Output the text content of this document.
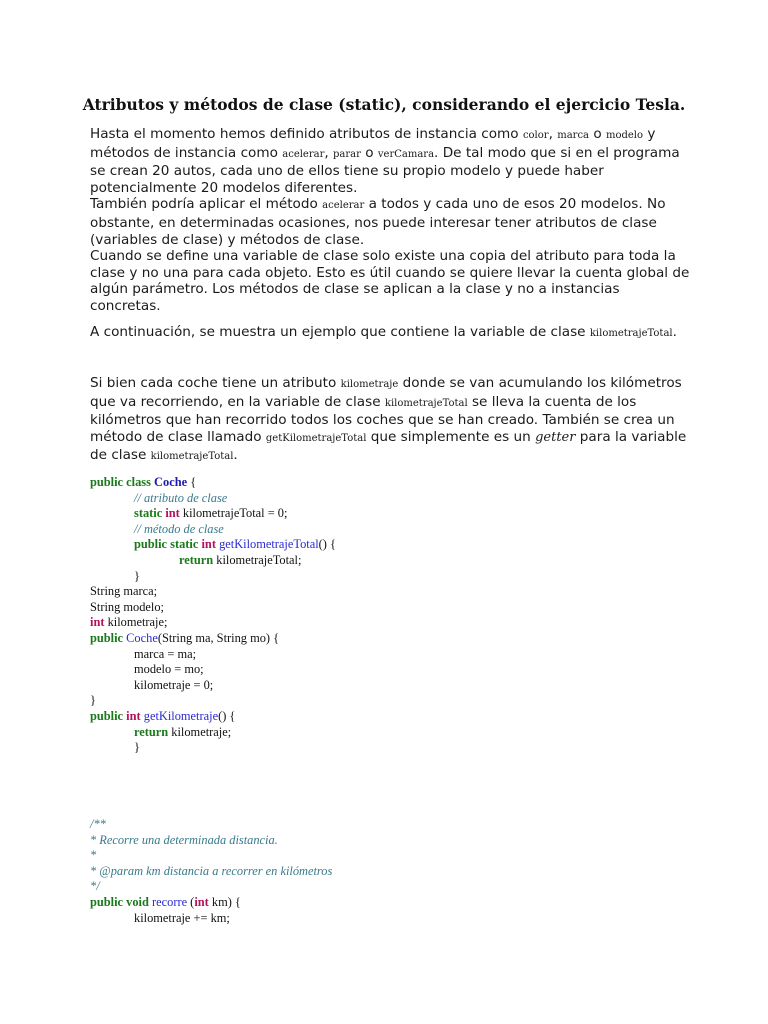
Atributos y métodos de clase (static), considerando el ejercicio Tesla.

Hasta el momento hemos definido atributos de instancia como color, marca o modelo y métodos de instancia como acelerar, parar o verCamara. De tal modo que si en el programa se crean 20 autos, cada uno de ellos tiene su propio modelo y puede haber potencialmente 20 modelos diferentes.

También podría aplicar el método acelerar a todos y cada uno de esos 20 modelos. No obstante, en determinadas ocasiones, nos puede interesar tener atributos de clase (variables de clase) y métodos de clase.

Cuando se define una variable de clase solo existe una copia del atributo para toda la clase y no una para cada objeto. Esto es útil cuando se quiere llevar la cuenta global de algún parámetro. Los métodos de clase se aplican a la clase y no a instancias concretas.

A continuación, se muestra un ejemplo que contiene la variable de clase kilometrajeTotal.

Si bien cada coche tiene un atributo kilometraje donde se van acumulando los kilómetros que va recorriendo, en la variable de clase kilometrajeTotal se lleva la cuenta de los kilómetros que han recorrido todos los coches que se han creado. También se crea un método de clase llamado getKilometrajeTotal que simplemente es un getter para la variable de clase kilometrajeTotal.

public class Coche {
// atributo de clase
static int kilometrajeTotal = 0;
// método de clase
public static int getKilometrajeTotal() {
return kilometrajeTotal;
}
String marca;
String modelo;
int kilometraje;
public Coche(String ma, String mo) {
marca = ma;
modelo = mo;
kilometraje = 0;
}
public int getKilometraje() {
return kilometraje;
}
/**
* Recorre una determinada distancia.
*
* @param km distancia a recorrer en kilómetros
*/
public void recorre (int km) {
kilometraje += km;
